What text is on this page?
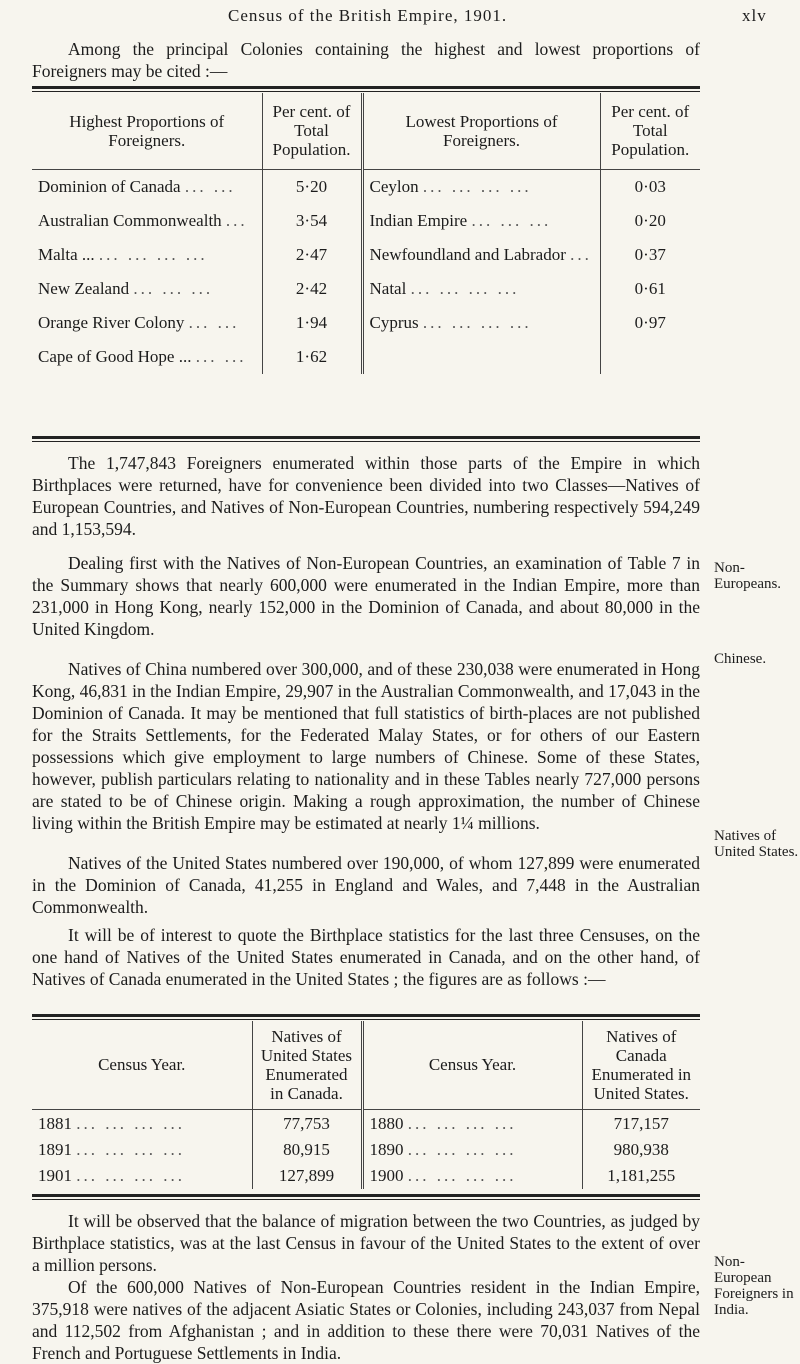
Census of the British Empire, 1901.	xlv

Among the principal Colonies containing the highest and lowest proportions of Foreigners may be cited :—

Highest Proportions of Foreigners.	Per cent. of Total Population.	Lowest Proportions of Foreigners.	Per cent. of Total Population.
Dominion of Canada ... ...	5·20	Ceylon ... ... ... ...	0·03
Australian Commonwealth ...	3·54	Indian Empire ... ... ...	0·20
Malta ... ... ... ... ...	2·47	Newfoundland and Labrador ...	0·37
New Zealand ... ... ...	2·42	Natal ... ... ... ...	0·61
Orange River Colony ... ...	1·94	Cyprus ... ... ... ...	0·97
Cape of Good Hope ... ... ...	1·62		

The 1,747,843 Foreigners enumerated within those parts of the Empire in which Birthplaces were returned, have for convenience been divided into two Classes—Natives of European Countries, and Natives of Non-European Countries, numbering respectively 594,249 and 1,153,594.

Dealing first with the Natives of Non-European Countries, an examination of Table 7 in the Summary shows that nearly 600,000 were enumerated in the Indian Empire, more than 231,000 in Hong Kong, nearly 152,000 in the Dominion of Canada, and about 80,000 in the United Kingdom.

Natives of China numbered over 300,000, and of these 230,038 were enumerated in Hong Kong, 46,831 in the Indian Empire, 29,907 in the Australian Commonwealth, and 17,043 in the Dominion of Canada. It may be mentioned that full statistics of birth-places are not published for the Straits Settlements, for the Federated Malay States, or for others of our Eastern possessions which give employment to large numbers of Chinese. Some of these States, however, publish particulars relating to nationality and in these Tables nearly 727,000 persons are stated to be of Chinese origin. Making a rough approximation, the number of Chinese living within the British Empire may be estimated at nearly 1¼ millions.

Natives of the United States numbered over 190,000, of whom 127,899 were enumerated in the Dominion of Canada, 41,255 in England and Wales, and 7,448 in the Australian Commonwealth.

It will be of interest to quote the Birthplace statistics for the last three Censuses, on the one hand of Natives of the United States enumerated in Canada, and on the other hand, of Natives of Canada enumerated in the United States ; the figures are as follows :—

Non-Europeans.
Chinese.
Natives of United States.
Census Year.	Natives of United States Enumerated in Canada.	Census Year.	Natives of Canada Enumerated in United States.
1881 ... ... ... ...	77,753	1880 ... ... ... ...	717,157
1891 ... ... ... ...	80,915	1890 ... ... ... ...	980,938
1901 ... ... ... ...	127,899	1900 ... ... ... ...	1,181,255

It will be observed that the balance of migration between the two Countries, as judged by Birthplace statistics, was at the last Census in favour of the United States to the extent of over a million persons.

Of the 600,000 Natives of Non-European Countries resident in the Indian Empire, 375,918 were natives of the adjacent Asiatic States or Colonies, including 243,037 from Nepal and 112,502 from Afghanistan ; and in addition to these there were 70,031 Natives of the French and Portuguese Settlements in India.

Non-European Foreigners in India.
